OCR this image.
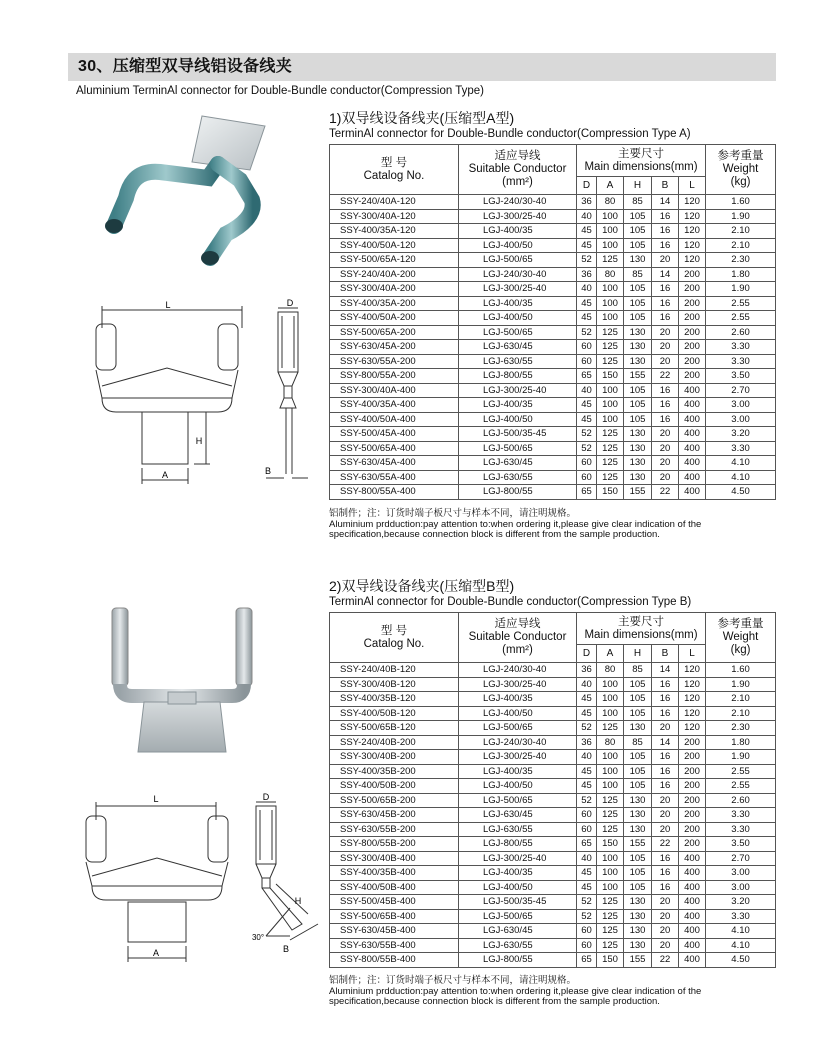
30、压缩型双导线铝设备线夹
Aluminium TerminAl connector for Double-Bundle conductor(Compression Type)
1)双导线设备线夹(压缩型A型)
TerminAl connector for Double-Bundle conductor(Compression Type A)
型 号
Catalog No.	适应导线
Suitable Conductor
(mm²)	主要尺寸
Main dimensions(mm)					参考重量
Weight
(kg)
		D	A	H	B	L	
SSY-240/40A-120	LGJ-240/30-40	36	80	85	14	120	1.60
SSY-300/40A-120	LGJ-300/25-40	40	100	105	16	120	1.90
SSY-400/35A-120	LGJ-400/35	45	100	105	16	120	2.10
SSY-400/50A-120	LGJ-400/50	45	100	105	16	120	2.10
SSY-500/65A-120	LGJ-500/65	52	125	130	20	120	2.30
SSY-240/40A-200	LGJ-240/30-40	36	80	85	14	200	1.80
SSY-300/40A-200	LGJ-300/25-40	40	100	105	16	200	1.90
SSY-400/35A-200	LGJ-400/35	45	100	105	16	200	2.55
SSY-400/50A-200	LGJ-400/50	45	100	105	16	200	2.55
SSY-500/65A-200	LGJ-500/65	52	125	130	20	200	2.60
SSY-630/45A-200	LGJ-630/45	60	125	130	20	200	3.30
SSY-630/55A-200	LGJ-630/55	60	125	130	20	200	3.30
SSY-800/55A-200	LGJ-800/55	65	150	155	22	200	3.50
SSY-300/40A-400	LGJ-300/25-40	40	100	105	16	400	2.70
SSY-400/35A-400	LGJ-400/35	45	100	105	16	400	3.00
SSY-400/50A-400	LGJ-400/50	45	100	105	16	400	3.00
SSY-500/45A-400	LGJ-500/35-45	52	125	130	20	400	3.20
SSY-500/65A-400	LGJ-500/65	52	125	130	20	400	3.30
SSY-630/45A-400	LGJ-630/45	60	125	130	20	400	4.10
SSY-630/55A-400	LGJ-630/55	60	125	130	20	400	4.10
SSY-800/55A-400	LGJ-800/55	65	150	155	22	400	4.50
铝制件；注：订货时端子板尺寸与样本不同，请注明规格。
Aluminium prdduction:pay attention to:when ordering it,please give clear indication of the specification,because connection block is different from the sample production.
L
H
A
D
B
2)双导线设备线夹(压缩型B型)
TerminAl connector for Double-Bundle conductor(Compression Type B)
型 号
Catalog No.	适应导线
Suitable Conductor
(mm²)	主要尺寸
Main dimensions(mm)					参考重量
Weight
(kg)
		D	A	H	B	L	
SSY-240/40B-120	LGJ-240/30-40	36	80	85	14	120	1.60
SSY-300/40B-120	LGJ-300/25-40	40	100	105	16	120	1.90
SSY-400/35B-120	LGJ-400/35	45	100	105	16	120	2.10
SSY-400/50B-120	LGJ-400/50	45	100	105	16	120	2.10
SSY-500/65B-120	LGJ-500/65	52	125	130	20	120	2.30
SSY-240/40B-200	LGJ-240/30-40	36	80	85	14	200	1.80
SSY-300/40B-200	LGJ-300/25-40	40	100	105	16	200	1.90
SSY-400/35B-200	LGJ-400/35	45	100	105	16	200	2.55
SSY-400/50B-200	LGJ-400/50	45	100	105	16	200	2.55
SSY-500/65B-200	LGJ-500/65	52	125	130	20	200	2.60
SSY-630/45B-200	LGJ-630/45	60	125	130	20	200	3.30
SSY-630/55B-200	LGJ-630/55	60	125	130	20	200	3.30
SSY-800/55B-200	LGJ-800/55	65	150	155	22	200	3.50
SSY-300/40B-400	LGJ-300/25-40	40	100	105	16	400	2.70
SSY-400/35B-400	LGJ-400/35	45	100	105	16	400	3.00
SSY-400/50B-400	LGJ-400/50	45	100	105	16	400	3.00
SSY-500/45B-400	LGJ-500/35-45	52	125	130	20	400	3.20
SSY-500/65B-400	LGJ-500/65	52	125	130	20	400	3.30
SSY-630/45B-400	LGJ-630/45	60	125	130	20	400	4.10
SSY-630/55B-400	LGJ-630/55	60	125	130	20	400	4.10
SSY-800/55B-400	LGJ-800/55	65	150	155	22	400	4.50
铝制件；注：订货时端子板尺寸与样本不同，请注明规格。
Aluminium prdduction:pay attention to:when ordering it,please give clear indication of the specification,because connection block is different from the sample production.
L
A
D
H
30°
B
